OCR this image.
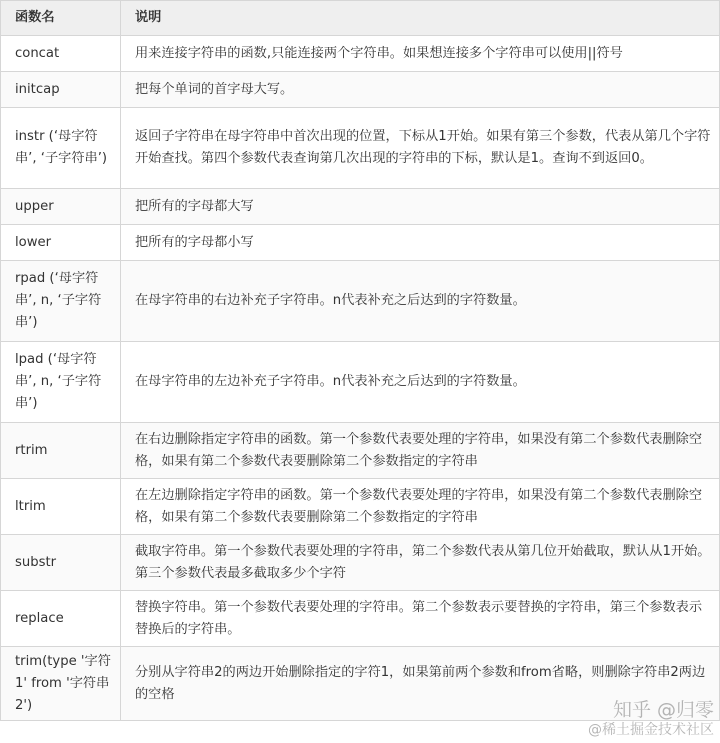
函数名	说明
concat	用来连接字符串的函数,只能连接两个字符串。如果想连接多个字符串可以使用||符号
initcap	把每个单词的首字母大写。
instr (‘母字符串’, ‘子字符串’)	返回子字符串在母字符串中首次出现的位置，下标从1开始。如果有第三个参数，代表从第几个字符开始查找。第四个参数代表查询第几次出现的字符串的下标，默认是1。查询不到返回0。
upper	把所有的字母都大写
lower	把所有的字母都小写
rpad (‘母字符串’, n, ‘子字符串’)	在母字符串的右边补充子字符串。n代表补充之后达到的字符数量。
lpad (‘母字符串’, n, ‘子字符串’)	在母字符串的左边补充子字符串。n代表补充之后达到的字符数量。
rtrim	在右边删除指定字符串的函数。第一个参数代表要处理的字符串，如果没有第二个参数代表删除空格，如果有第二个参数代表要删除第二个参数指定的字符串
ltrim	在左边删除指定字符串的函数。第一个参数代表要处理的字符串，如果没有第二个参数代表删除空格，如果有第二个参数代表要删除第二个参数指定的字符串
substr	截取字符串。第一个参数代表要处理的字符串，第二个参数代表从第几位开始截取，默认从1开始。第三个参数代表最多截取多少个字符
replace	替换字符串。第一个参数代表要处理的字符串。第二个参数表示要替换的字符串，第三个参数表示替换后的字符串。
trim(type '字符1' from '字符串2')	分别从字符串2的两边开始删除指定的字符1，如果第前两个参数和from省略，则删除字符串2两边的空格
知乎 @归零
@稀土掘金技术社区
